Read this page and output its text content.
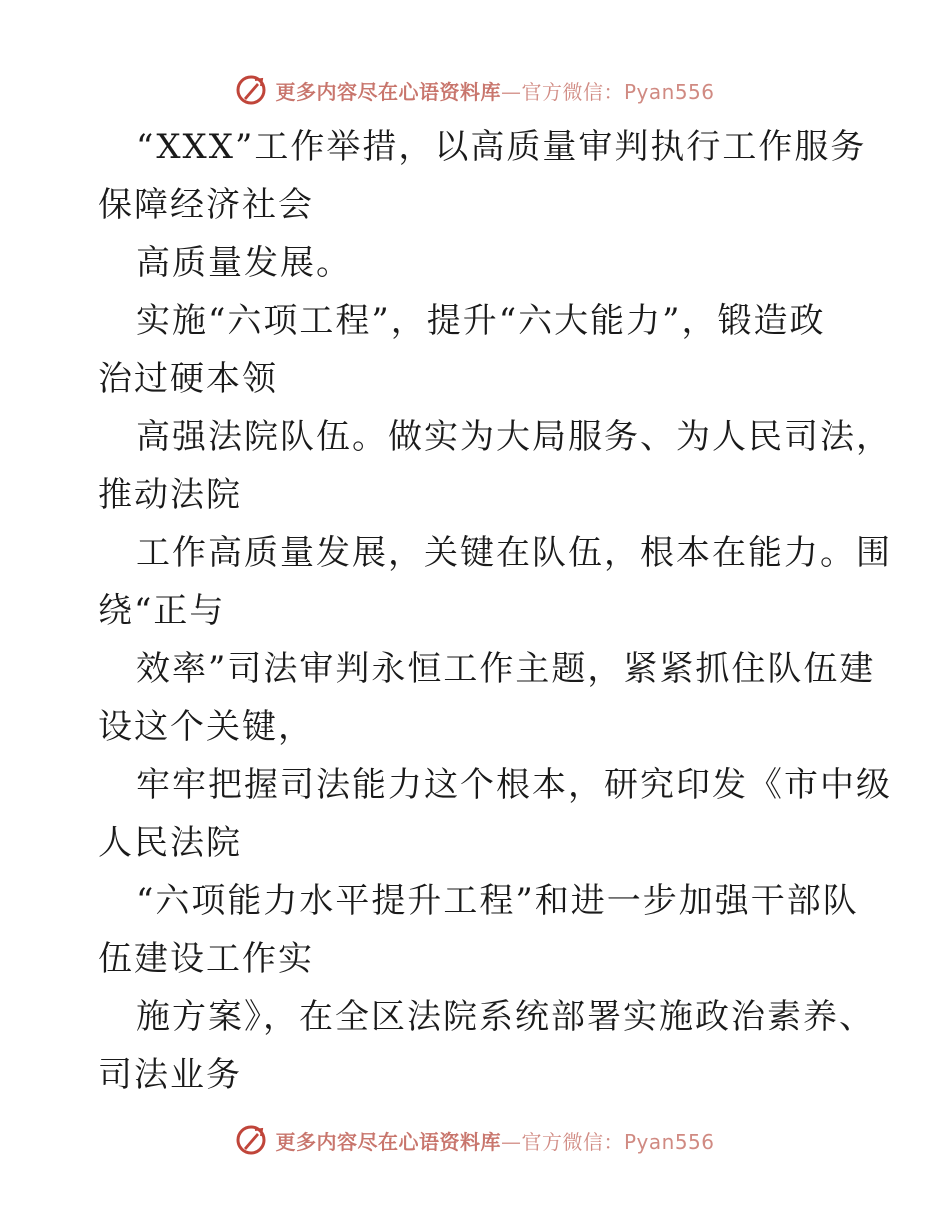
更多内容尽在心语资料库—官方微信：Pyan556
“XXX”工作举措，以高质量审判执行工作服务
保障经济社会
高质量发展。
实施“六项工程”，提升“六大能力”，锻造政
治过硬本领
高强法院队伍。做实为大局服务、为人民司法，
推动法院
工作高质量发展，关键在队伍，根本在能力。围
绕“正与
效率”司法审判永恒工作主题，紧紧抓住队伍建
设这个关键，
牢牢把握司法能力这个根本，研究印发《市中级
人民法院
“六项能力水平提升工程”和进一步加强干部队
伍建设工作实
施方案》，在全区法院系统部署实施政治素养、
司法业务
更多内容尽在心语资料库—官方微信：Pyan556
